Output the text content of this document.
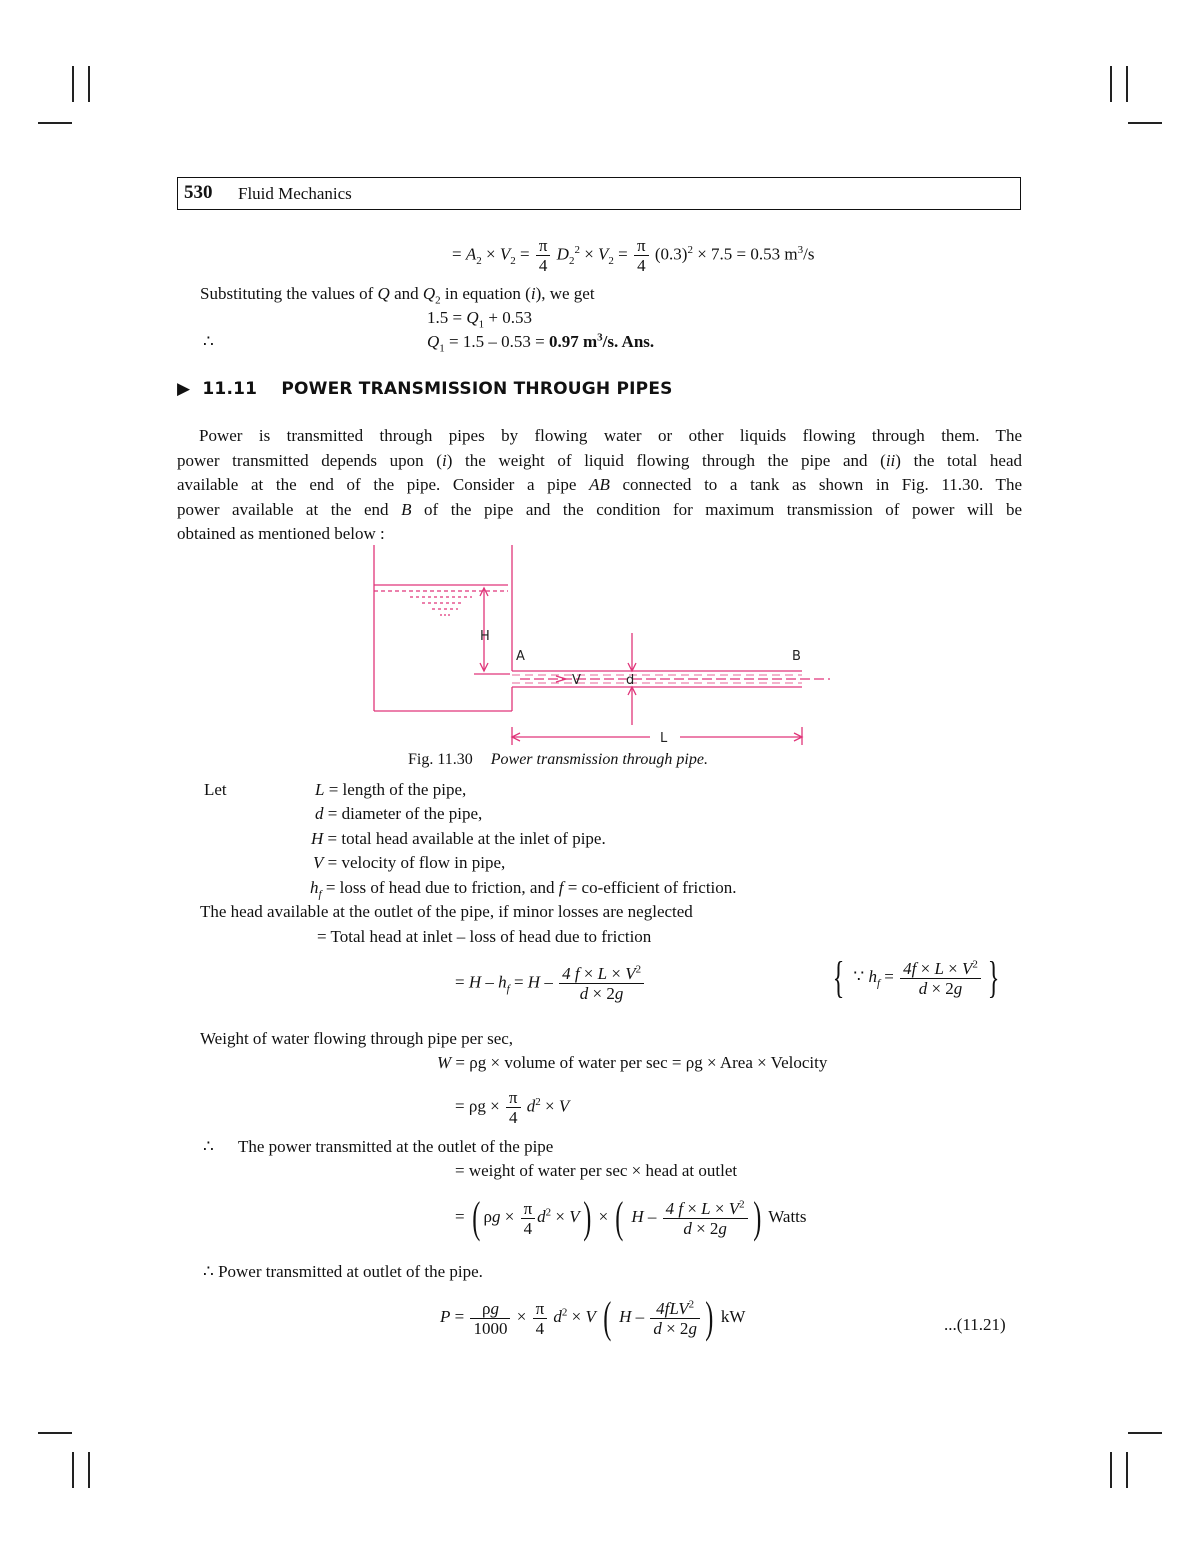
530 Fluid Mechanics
= $A_2 \times V_2 = \frac{\pi}{4} D_2^2 \times V_2 = \frac{\pi}{4} (0.3)^2 \times 7.5 = 0.53$ $m^3/s$
Substituting the values of Q and $Q_2$ in equation (i), we get
$1.5 = Q_1 + 0.53$
∴	$Q_1 = 1.5 - 0.53 = 0.97$ $m^3/s$. Ans.
▶ 11.11 POWER TRANSMISSION THROUGH PIPES
Power is transmitted through pipes by flowing water or other liquids flowing through them. The
power transmitted depends upon (i) the weight of liquid flowing through the pipe and (ii) the total head
available at the end of the pipe. Consider a pipe AB connected to a tank as shown in Fig. 11.30. The
power available at the end B of the pipe and the condition for maximum transmission of power will be
obtained as mentioned below :
H
A	B
V	d
L
Fig. 11.30 Power transmission through pipe.
Let	L = length of the pipe,
d = diameter of the pipe,
H = total head available at the inlet of pipe.
V = velocity of flow in pipe,
$h_f$ = loss of head due to friction, and f = co-efficient of friction.
The head available at the outlet of the pipe, if minor losses are neglected
= Total head at inlet – loss of head due to friction
= $H - h_f = H - \frac{4 f \times L \times V^2}{d \times 2g}$	{ ∵ $h_f = \frac{4f \times L \times V^2}{d \times 2g}$ }
Weight of water flowing through pipe per sec,
W = ρg × volume of water per sec = ρg × Area × Velocity
= $\rho g \times \frac{\pi}{4} d^2 \times V$
∴ The power transmitted at the outlet of the pipe
= weight of water per sec × head at outlet
= ( $\rho g \times \frac{\pi}{4} d^2 \times V$) × ( H – $\frac{4 f \times L \times V^2}{d \times 2g}$ ) Watts
∴ Power transmitted at outlet of the pipe.
$P = \frac{\rho g}{1000} \times \frac{\pi}{4} d^2 \times V$ ( H – $\frac{4fLV^2}{d \times 2g}$ ) kW	...(11.21)
